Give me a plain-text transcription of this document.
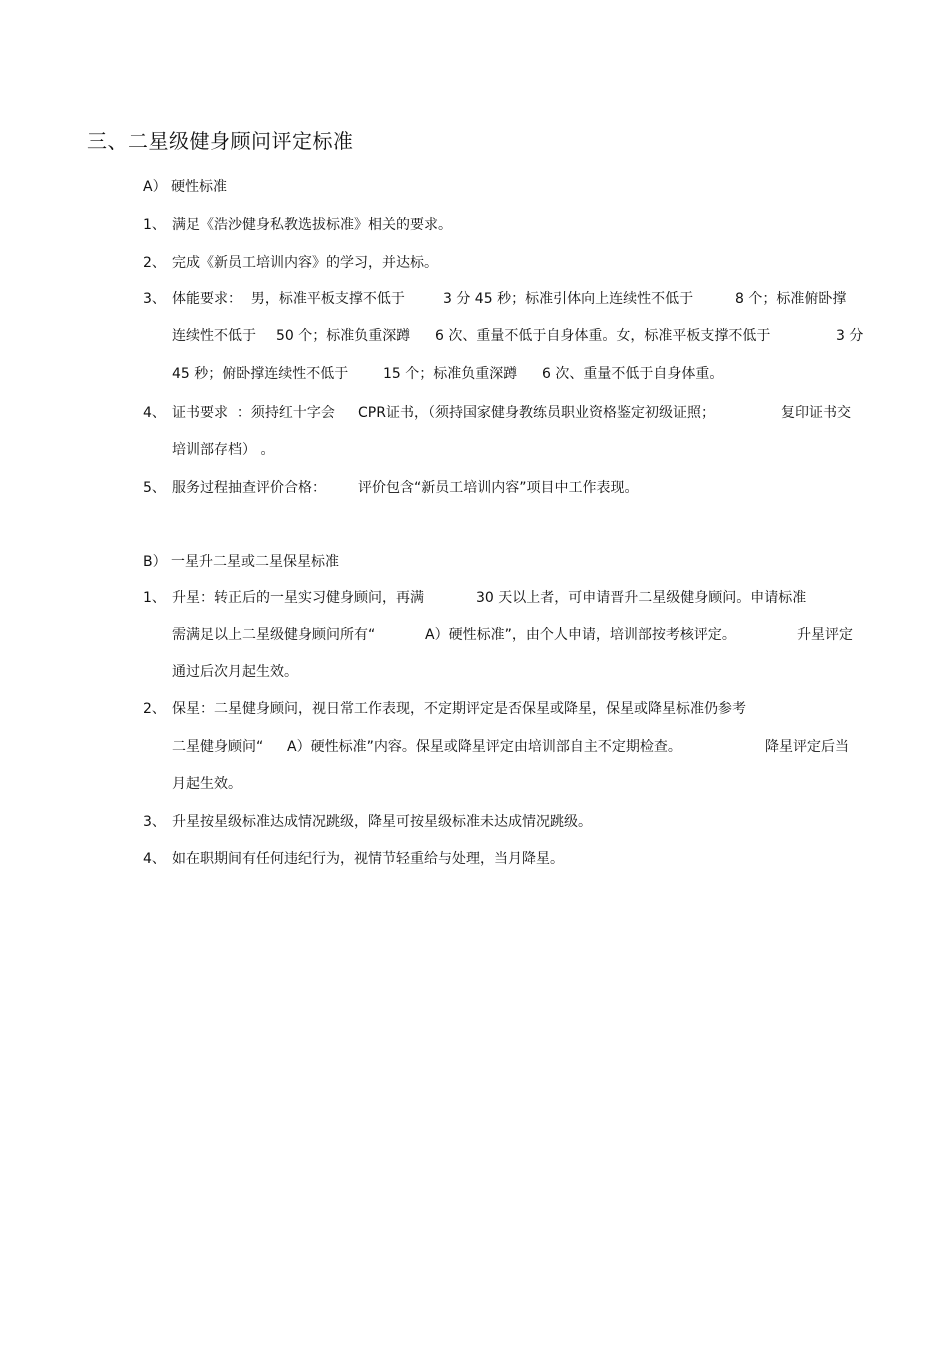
三、二星级健身顾问评定标准
A） 硬性标准
1、 满足《浩沙健身私教选拔标准》相关的要求。
2、 完成《新员工培训内容》的学习，并达标。
3、 体能要求：  男，标准平板支撑不低于	3 分 45 秒；标准引体向上连续性不低于	8 个；标准俯卧撑
连续性不低于 50 个；标准负重深蹲 6 次、重量不低于自身体重。女，标准平板支撑不低于	3 分
45 秒；俯卧撑连续性不低于 15 个；标准负重深蹲 6 次、重量不低于自身体重。
4、 证书要求  ：须持红十字会 CPR证书，（须持国家健身教练员职业资格鉴定初级证照；	复印证书交
培训部存档） 。
5、 服务过程抽查评价合格： 评价包含“新员工培训内容”项目中工作表现。
B） 一星升二星或二星保星标准
1、 升星：转正后的一星实习健身顾问，再满	30 天以上者，可申请晋升二星级健身顾问。申请标准
需满足以上二星级健身顾问所有“	A）硬性标准”，由个人申请，培训部按考核评定。	升星评定
通过后次月起生效。
2、 保星：二星健身顾问，视日常工作表现，不定期评定是否保星或降星，保星或降星标准仍参考
二星健身顾问“ A）硬性标准”内容。保星或降星评定由培训部自主不定期检查。	降星评定后当
月起生效。
3、 升星按星级标准达成情况跳级，降星可按星级标准未达成情况跳级。
4、 如在职期间有任何违纪行为，视情节轻重给与处理，当月降星。
